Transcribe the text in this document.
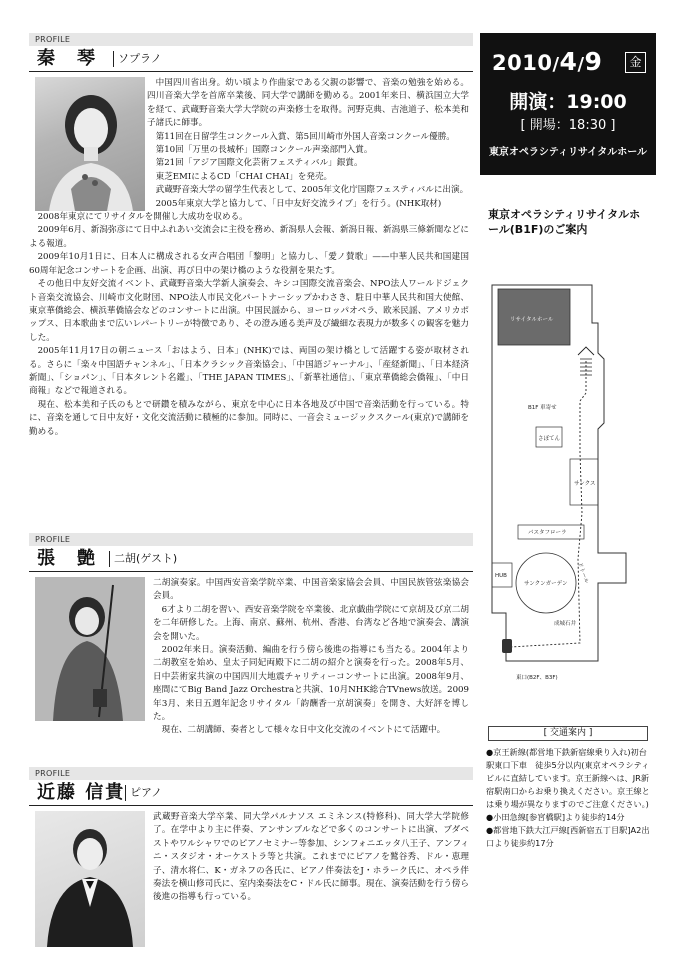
PROFILE
秦　琴	ソプラノ

中国四川省出身。幼い頃より作曲家である父親の影響で、音楽の勉強を始める。四川音楽大学を首席卒業後、同大学で講師を勤める。2001年来日、横浜国立大学を経て、武蔵野音楽大学大学院の声楽修士を取得。河野克典、吉池道子、松本美和子諸氏に師事。

第11回在日留学生コンクール入賞、第5回川崎市外国人音楽コンクール優勝。

第10回「万里の長城杯」国際コンクール声楽部門入賞。

第21回「アジア国際文化芸術フェスティバル」銀賞。

東芝EMIによるCD「CHAI CHAI」を発売。

武蔵野音楽大学の留学生代表として、2005年文化庁国際フェスティバルに出演。

2005年東京大学と協力して、「日中友好交流ライブ」を行う。(NHK取材)

2008年東京にてリサイタルを開催し大成功を収める。

2009年6月、新潟弥彦にて日中ふれあい交流会に主役を務め、新潟県人会報、新潟日報、新潟県三條新聞などによる報道。

2009年10月1日に、日本人に構成される女声合唱団「黎明」と協力し、「愛ノ賛歌」——中華人民共和国建国60周年記念コンサートを企画、出演、再び日中の架け橋のような役割を果たす。

その他日中友好交流イベント、武蔵野音楽大学新人演奏会、キシコ国際交流音楽会、NPO法人ワールドジェクト音楽交流協会、川崎市文化財団、NPO法人市民文化パートナーシップかわさき、駐日中華人民共和国大使館、東京華僑総会、横浜華僑協会などのコンサートに出演。中国民謡から、ヨーロッパオペラ、欧米民謡、アメリカポップス、日本歌曲まで広いレパートリーが特徴であり、その澄み通る美声及び繊細な表現力が数多くの観客を魅力した。

2005年11月17日の朝ニュース「おはよう、日本」(NHK)では、両国の架け橋として活躍する姿が取材される。さらに「楽々中国語チャンネル」、「日本クラシック音楽協会」、「中国語ジャーナル」、「産経新聞」、「日本経済新聞」、「ショパン」、「日本タレント名鑑」、「THE JAPAN TIMES」、「新華社通信」、「東京華僑総会僑報」、「中日商報」などで報道される。

現在、松本美和子氏のもとで研鑽を積みながら、東京を中心に日本各地及び中国で音楽活動を行っている。特に、音楽を通して日中友好・文化交流活動に積極的に参加。同時に、一音会ミュージックスクール(東京)で講師を勤める。

PROFILE
張　艶	二胡(ゲスト)

二胡演奏家。中国西安音楽学院卒業、中国音楽家協会会員、中国民族管弦楽協会会員。

6才より二胡を習い、西安音楽学院を卒業後、北京戯曲学院にて京胡及び京二胡を二年研修した。上海、南京、蘇州、杭州、香港、台湾など各地で演奏会、講演会を開いた。

2002年来日。演奏活動、編曲を行う傍ら後進の指導にも当たる。2004年より二胡教室を始め、皇太子同妃両殿下に二胡の紹介と演奏を行った。2008年5月、日中芸術家共演の中国四川大地震チャリティーコンサートに出演。2008年9月、座間にてBig Band Jazz Orchestraと共演、10月NHK総合TVnews放送。2009年3月、来日五週年記念リサイタル「韵酬香一京胡演奏」を開き、大好評を博した。

現在、二胡講師、奏者として様々な日中文化交流のイベントにて活躍中。

PROFILE
近藤 信貴 ピアノ

武蔵野音楽大学卒業、同大学パルナソス エミネンス(特修科)、同大学大学院修了。在学中より主に伴奏、アンサンブルなどで多くのコンサートに出演、ブダペストやワルシャワでのピアノセミナー等参加、シンフォニエッタ八王子、アンフィニ・スタジオ・オーケストラ等と共演。これまでにピアノを鷲谷秀、ドル・恵理子、清水将仁、K・ガネフの各氏に、ピアノ伴奏法をJ・ホラーク氏に、オペラ伴奏法を横山修司氏に、室内楽奏法をC・ドル氏に師事。現在、演奏活動を行う傍ら後進の指導も行っている。

2010/4/9	金
開演：19:00
[ 開場：18:30 ]
東京オペラシティリサイタルホール
東京オペラシティリサイタルホール(B1F)のご案内
リサイタルホール
B1F 車寄せ
さぼてん
サンクス
HUB
パスタフローラ
サンクンガーデン ドトール
成城石井
東口(B2F、B3F)
[ 交通案内 ]

●京王新線(都営地下鉄新宿線乗り入れ)初台駅東口下車　徒歩5分以内(東京オペラシティビルに直結しています。京王新線へは、JR新宿駅南口からお乗り換えください。京王線とは乗り場が異なりますのでご注意ください。)

●小田急線[参宮橋駅]より徒歩約14分

●都営地下鉄大江戸線[西新宿五丁目駅]A2出口より徒歩約17分
